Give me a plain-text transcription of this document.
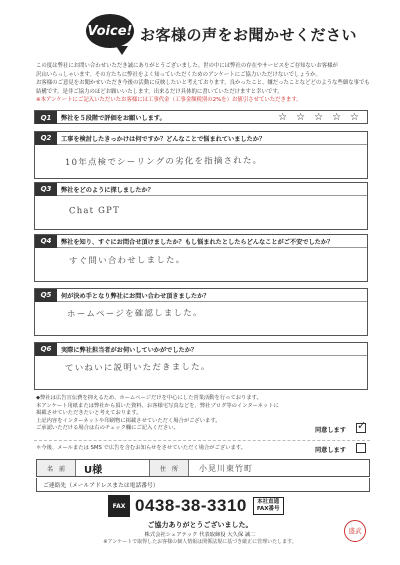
Voice! お客様の声をお聞かせください
この度は弊社にお問い合わせいただき誠にありがとうございました。世の中には弊社の存在やサービスをご存知ないお客様が
沢山いらっしゃいます。その方たちに弊社をよく知っていただくためのアンケートにご協力いただけないでしょうか。
お客様のご意見をお聞かせいただき今後の活動に反映したいと考えております。良かったこと、嫌だったことなどどのような些細な事でも
結構です。是非ご協力のほどお願いいたします。出来るだけ具体的に書いていただけますと幸いです。
※本アンケートにご記入いただいたお客様には工事代金（工事金額税別の2%を）お値引させていただきます。
Q1	弊社を５段階で評価をお願いします。	☆ ☆ ☆ ☆ ☆
Q2	工事を検討したきっかけは何ですか？どんなことで悩まれていましたか？
10年点検でシーリングの劣化を指摘された。
Q3	弊社をどのように探しましたか？
Chat GPT
Q4	弊社を知り、すぐにお問合せ頂けましたか？もし悩まれたとしたらどんなことがご不安でしたか？
すぐ問い合わせしました。
Q5	何が決め手となり弊社にお問い合わせ頂きましたか？
ホームページを確認しました。
Q6	実際に弊社担当者がお伺いしていかがでしたか？
ていねいに説明いただきました。
◆弊社は広告宣伝費を抑えるため、ホームページだけを中心にした営業活動を行っております。
本アンケート用紙または弊社から頂いた資料、お客様宅写真などを、弊社ブログ等のインターネットに
掲載させていただきたいと考えております。
上記内容をインターネットや印刷物に掲載させていただく場合がございます。
ご承認いただける場合は右のチェック欄にご記入ください。	同意します
✓
＊今後、メールまたは SMS で広告を含むお知らせをさせていただく場合がございます。	同意します
名　前	U様	住　所	小見川東竹町
ご連絡先（メールアドレスまたは電話番号）
FAX 0438-38-3310 本社直通
FAX番号
ご協力ありがとうございました。
株式会社シェアテック 代表取締役 大久保 誠二
※アンケートで取得したお客様の個人情報は関係法規に基づき厳正に管理いたします。
盛武
